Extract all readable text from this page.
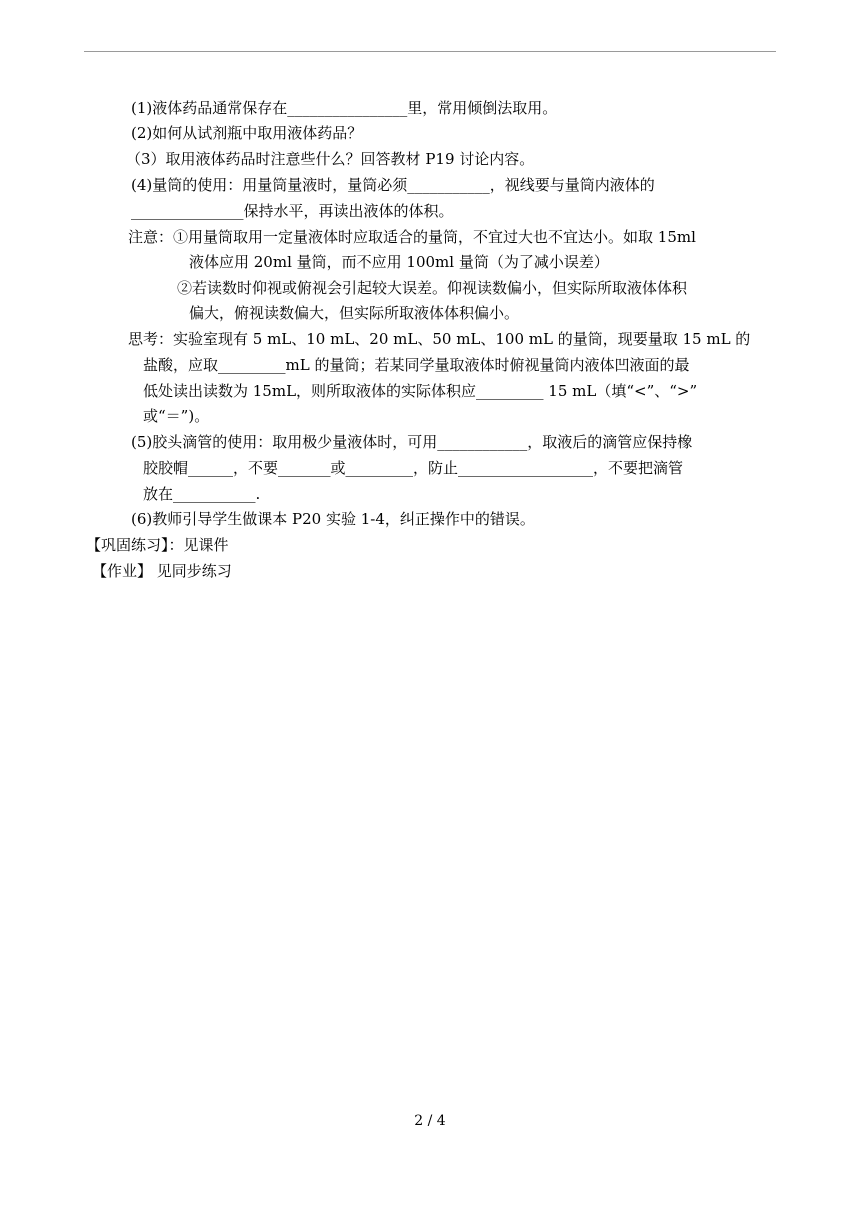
(1)液体药品通常保存在________________里，常用倾倒法取用。
(2)如何从试剂瓶中取用液体药品？
（3）取用液体药品时注意些什么？回答教材 P19 讨论内容。
(4)量筒的使用：用量筒量液时，量筒必须___________，视线要与量筒内液体的
_______________保持水平，再读出液体的体积。
注意：①用量筒取用一定量液体时应取适合的量筒，不宜过大也不宜达小。如取 15ml
液体应用 20ml 量筒，而不应用 100ml 量筒（为了减小误差）
②若读数时仰视或俯视会引起较大误差。仰视读数偏小，但实际所取液体体积
偏大，俯视读数偏大，但实际所取液体体积偏小。
思考：实验室现有 5 mL、10 mL、20 mL、50 mL、100 mL 的量筒，现要量取 15 mL 的
盐酸，应取_________mL 的量筒；若某同学量取液体时俯视量筒内液体凹液面的最
低处读出读数为 15mL，则所取液体的实际体积应_________ 15 mL（填“<”、“>”
或“＝”)。
(5)胶头滴管的使用：取用极少量液体时，可用____________，取液后的滴管应保持橡
胶胶帽______，不要_______或_________，防止__________________，不要把滴管
放在___________.
(6)教师引导学生做课本 P20 实验 1-4，纠正操作中的错误。
【巩固练习】：见课件
【作业】 见同步练习
2 / 4
